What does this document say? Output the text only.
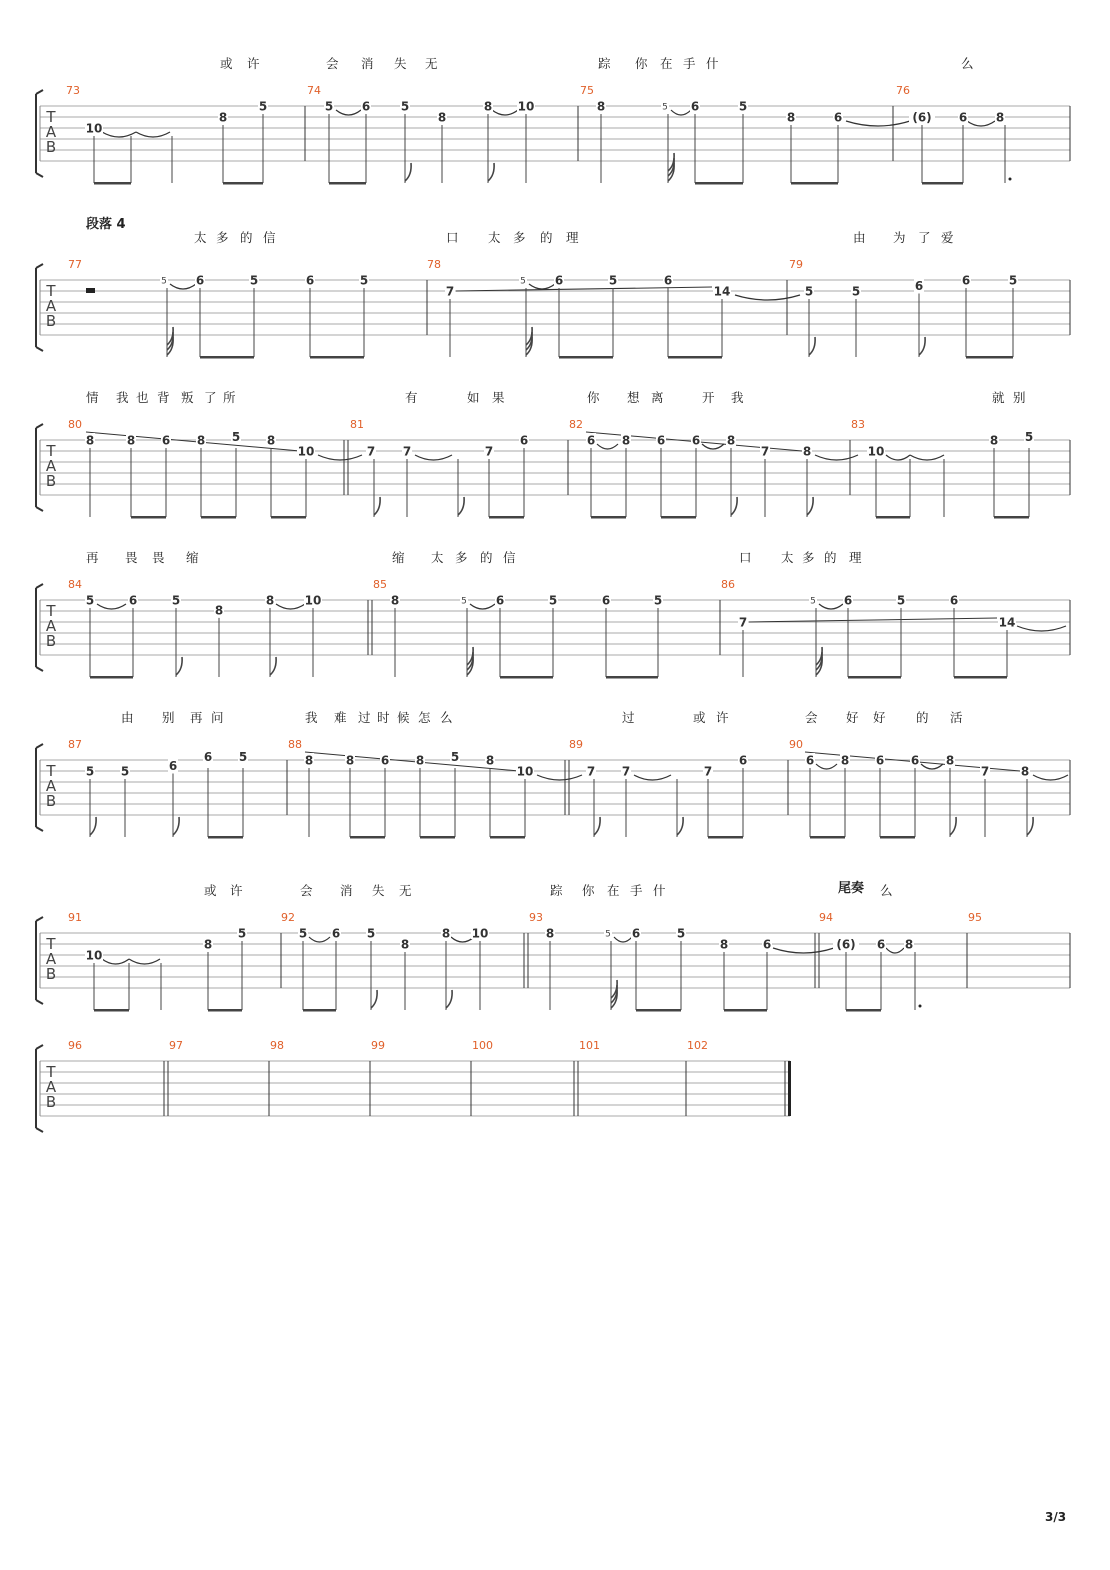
T
A
B
73	74	75	76
或 许	会 消 失 无	踪 你 在 手 什	么
10
8
5	5 6	5
8
8 10	8	6	5
8	6	(6) 6 8
5
T
A
B
77	78	79
段落 4
太 多 的 信	口 太 多 的 理	由 为 了 爱
6	5	6	5
7
6	5	6
14	5	5	6	6	5
5	5
T
A
B
80	81	82	83
情 我 也 背 叛 了 所	有	如 果	你 想 离	开 我	就 别
8	8 6 8 5 8
10	7 7	7
6	6 8 6 6 8
7	8	10
8 5
T
A
B
84	85	86
再 畏 畏 缩	缩 太 多 的 信	口 太 多 的 理
5	6	5
8
8	10	8	6	5	6	5
7
6	5	6
14
5	5
T
A
B
87	88	89	90
由 别 再 问	我 难 过 时 候 怎 么	过	或 许	会 好 好 的 活
5 5	6
6 5	8	8 6 8 5 8
10	7 7	7
6	6 8 6 6 8
7	8
T
A
B
91	92	93	94	95
尾奏
或 许	会 消 失 无	踪 你 在 手 什	么
10
8
5	5 6 5
8
8 10	8	6	5
8	6	(6) 6 8
5
T
A
B
96	97	98	99	100	101	102
3/3
